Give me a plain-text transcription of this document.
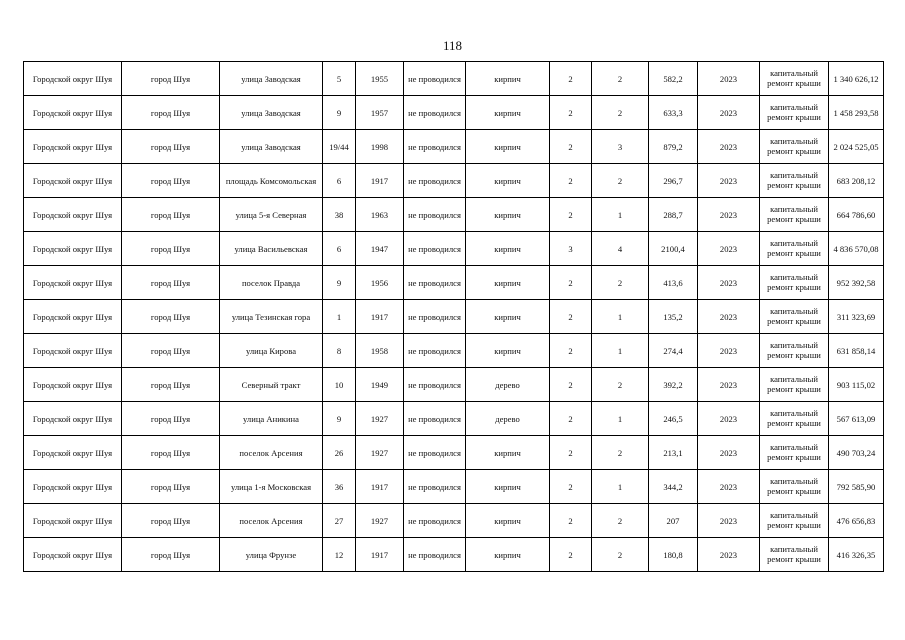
118
Городской округ Шуя	город Шуя	улица Заводская	5	1955	не проводился	кирпич	2	2	582,2	2023	капитальный ремонт крыши	1 340 626,12
Городской округ Шуя	город Шуя	улица Заводская	9	1957	не проводился	кирпич	2	2	633,3	2023	капитальный ремонт крыши	1 458 293,58
Городской округ Шуя	город Шуя	улица Заводская	19/44	1998	не проводился	кирпич	2	3	879,2	2023	капитальный ремонт крыши	2 024 525,05
Городской округ Шуя	город Шуя	площадь Комсомольская	6	1917	не проводился	кирпич	2	2	296,7	2023	капитальный ремонт крыши	683 208,12
Городской округ Шуя	город Шуя	улица 5-я Северная	38	1963	не проводился	кирпич	2	1	288,7	2023	капитальный ремонт крыши	664 786,60
Городской округ Шуя	город Шуя	улица Васильевская	6	1947	не проводился	кирпич	3	4	2100,4	2023	капитальный ремонт крыши	4 836 570,08
Городской округ Шуя	город Шуя	поселок Правда	9	1956	не проводился	кирпич	2	2	413,6	2023	капитальный ремонт крыши	952 392,58
Городской округ Шуя	город Шуя	улица Тезинская гора	1	1917	не проводился	кирпич	2	1	135,2	2023	капитальный ремонт крыши	311 323,69
Городской округ Шуя	город Шуя	улица Кирова	8	1958	не проводился	кирпич	2	1	274,4	2023	капитальный ремонт крыши	631 858,14
Городской округ Шуя	город Шуя	Северный тракт	10	1949	не проводился	дерево	2	2	392,2	2023	капитальный ремонт крыши	903 115,02
Городской округ Шуя	город Шуя	улица Аникина	9	1927	не проводился	дерево	2	1	246,5	2023	капитальный ремонт крыши	567 613,09
Городской округ Шуя	город Шуя	поселок Арсения	26	1927	не проводился	кирпич	2	2	213,1	2023	капитальный ремонт крыши	490 703,24
Городской округ Шуя	город Шуя	улица 1-я Московская	36	1917	не проводился	кирпич	2	1	344,2	2023	капитальный ремонт крыши	792 585,90
Городской округ Шуя	город Шуя	поселок Арсения	27	1927	не проводился	кирпич	2	2	207	2023	капитальный ремонт крыши	476 656,83
Городской округ Шуя	город Шуя	улица Фрунзе	12	1917	не проводился	кирпич	2	2	180,8	2023	капитальный ремонт крыши	416 326,35
